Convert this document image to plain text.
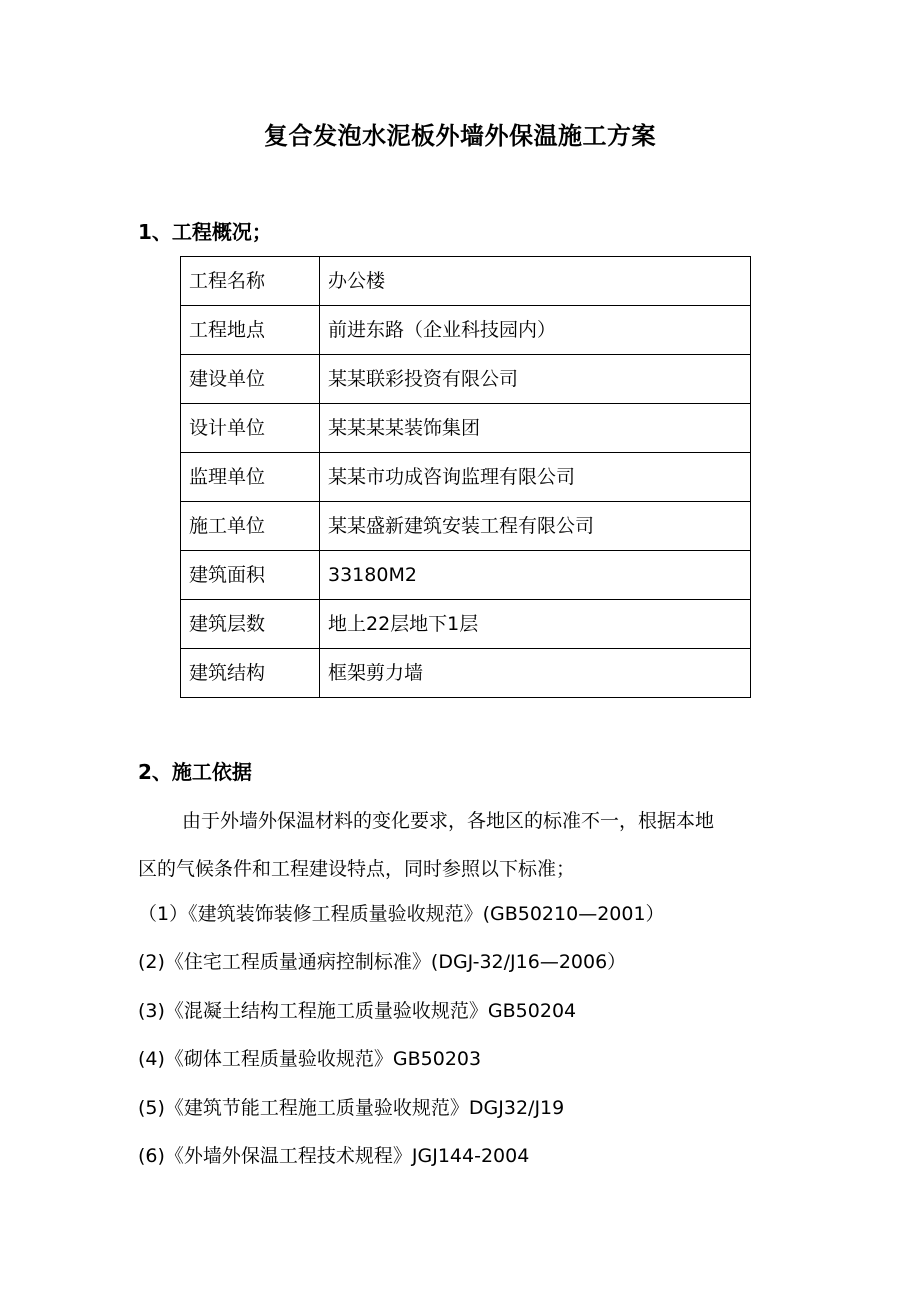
复合发泡水泥板外墙外保温施工方案
1、工程概况；
工程名称	办公楼
工程地点	前进东路（企业科技园内）
建设单位	某某联彩投资有限公司
设计单位	某某某某装饰集团
监理单位	某某市功成咨询监理有限公司
施工单位	某某盛新建筑安装工程有限公司
建筑面积	33180M2
建筑层数	地上22层地下1层
建筑结构	框架剪力墙
2、施工依据
由于外墙外保温材料的变化要求，各地区的标准不一，根据本地
区的气候条件和工程建设特点，同时参照以下标准；
（1）《建筑装饰装修工程质量验收规范》(GB50210—2001）
(2)《住宅工程质量通病控制标准》(DGJ-32/J16—2006）
(3)《混凝土结构工程施工质量验收规范》GB50204
(4)《砌体工程质量验收规范》GB50203
(5)《建筑节能工程施工质量验收规范》DGJ32/J19
(6)《外墙外保温工程技术规程》JGJ144-2004
